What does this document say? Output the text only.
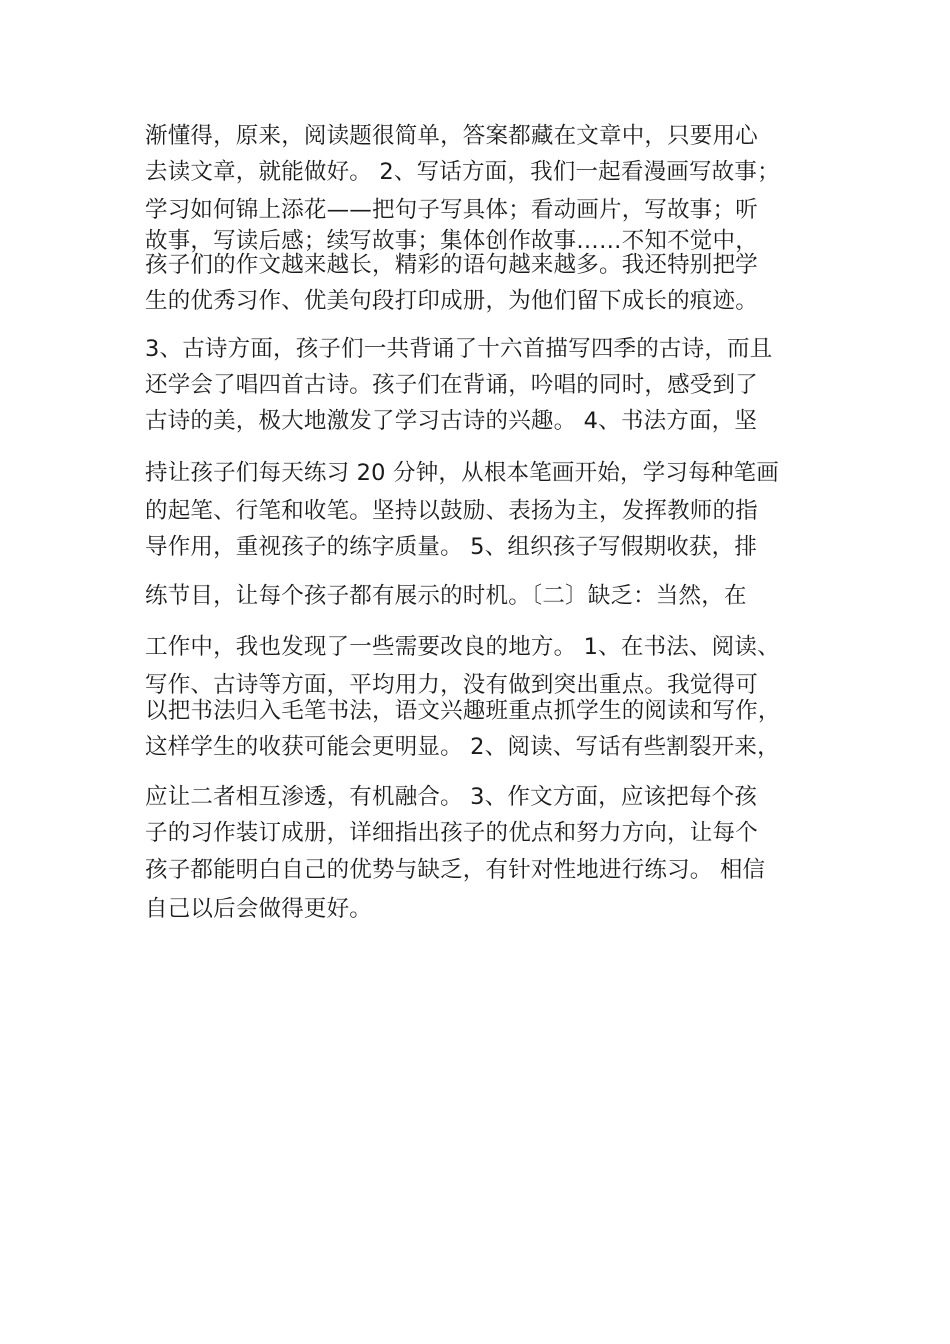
渐懂得，原来，阅读题很简单，答案都藏在文章中，只要用心
去读文章，就能做好。 2、写话方面，我们一起看漫画写故事；
学习如何锦上添花——把句子写具体；看动画片，写故事；听
故事，写读后感；续写故事；集体创作故事……不知不觉中，
孩子们的作文越来越长，精彩的语句越来越多。我还特别把学
生的优秀习作、优美句段打印成册，为他们留下成长的痕迹。
3、古诗方面，孩子们一共背诵了十六首描写四季的古诗，而且
还学会了唱四首古诗。孩子们在背诵，吟唱的同时，感受到了
古诗的美，极大地激发了学习古诗的兴趣。 4、书法方面，坚
持让孩子们每天练习 20 分钟，从根本笔画开始，学习每种笔画
的起笔、行笔和收笔。坚持以鼓励、表扬为主，发挥教师的指
导作用，重视孩子的练字质量。 5、组织孩子写假期收获，排
练节目，让每个孩子都有展示的时机。〔二〕缺乏：当然，在
工作中，我也发现了一些需要改良的地方。 1、在书法、阅读、
写作、古诗等方面，平均用力，没有做到突出重点。我觉得可
以把书法归入毛笔书法，语文兴趣班重点抓学生的阅读和写作，
这样学生的收获可能会更明显。 2、阅读、写话有些割裂开来，
应让二者相互渗透，有机融合。 3、作文方面，应该把每个孩
子的习作装订成册，详细指出孩子的优点和努力方向，让每个
孩子都能明白自己的优势与缺乏，有针对性地进行练习。 相信
自己以后会做得更好。
